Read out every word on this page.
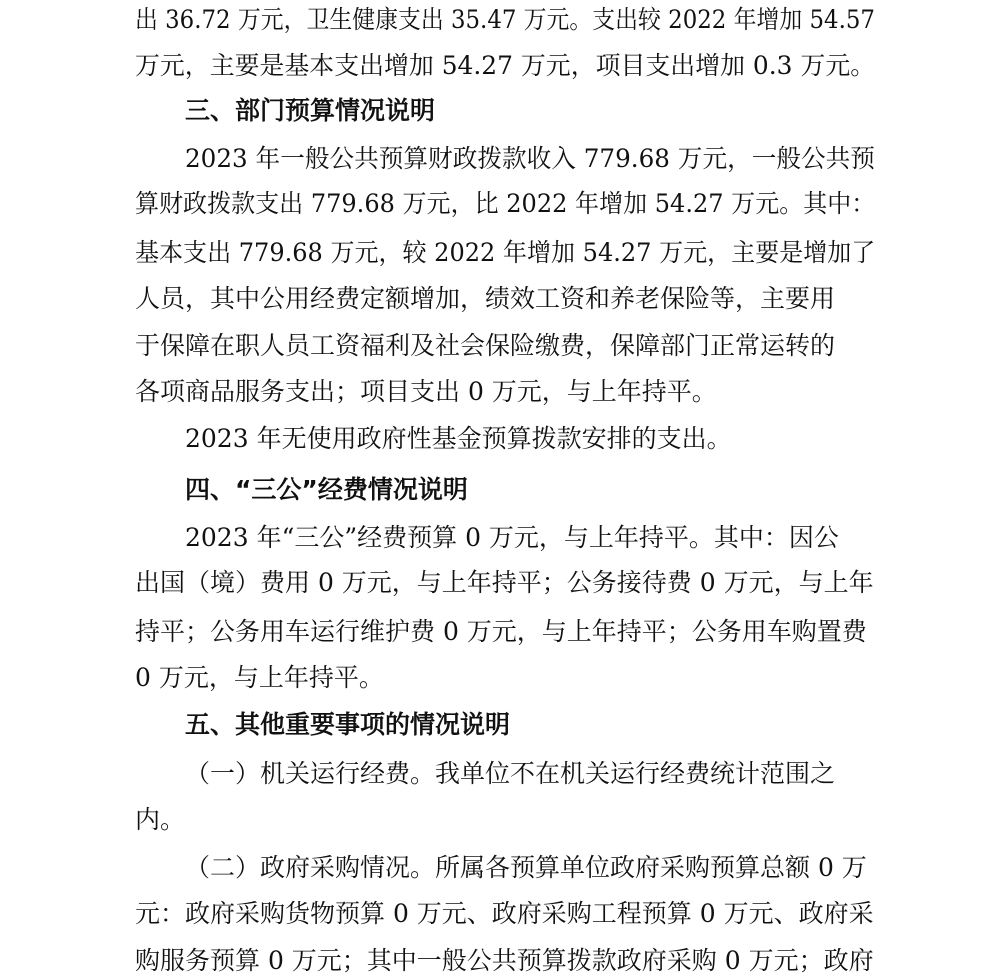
出 36.72 万元，卫生健康支出 35.47 万元。支出较 2022 年增加 54.57

万元，主要是基本支出增加 54.27 万元，项目支出增加 0.3 万元。

三、部门预算情况说明

2023 年一般公共预算财政拨款收入 779.68 万元，一般公共预

算财政拨款支出 779.68 万元，比 2022 年增加 54.27 万元。其中：

基本支出 779.68 万元，较 2022 年增加 54.27 万元，主要是增加了

人员，其中公用经费定额增加，绩效工资和养老保险等，主要用

于保障在职人员工资福利及社会保险缴费，保障部门正常运转的

各项商品服务支出；项目支出 0 万元，与上年持平。

2023 年无使用政府性基金预算拨款安排的支出。

四、“三公”经费情况说明

2023 年“三公”经费预算 0 万元，与上年持平。其中：因公

出国（境）费用 0 万元，与上年持平；公务接待费 0 万元，与上年

持平；公务用车运行维护费 0 万元，与上年持平；公务用车购置费

0 万元，与上年持平。

五、其他重要事项的情况说明

（一）机关运行经费。我单位不在机关运行经费统计范围之

内。

（二）政府采购情况。所属各预算单位政府采购预算总额 0 万

元：政府采购货物预算 0 万元、政府采购工程预算 0 万元、政府采

购服务预算 0 万元；其中一般公共预算拨款政府采购 0 万元；政府
